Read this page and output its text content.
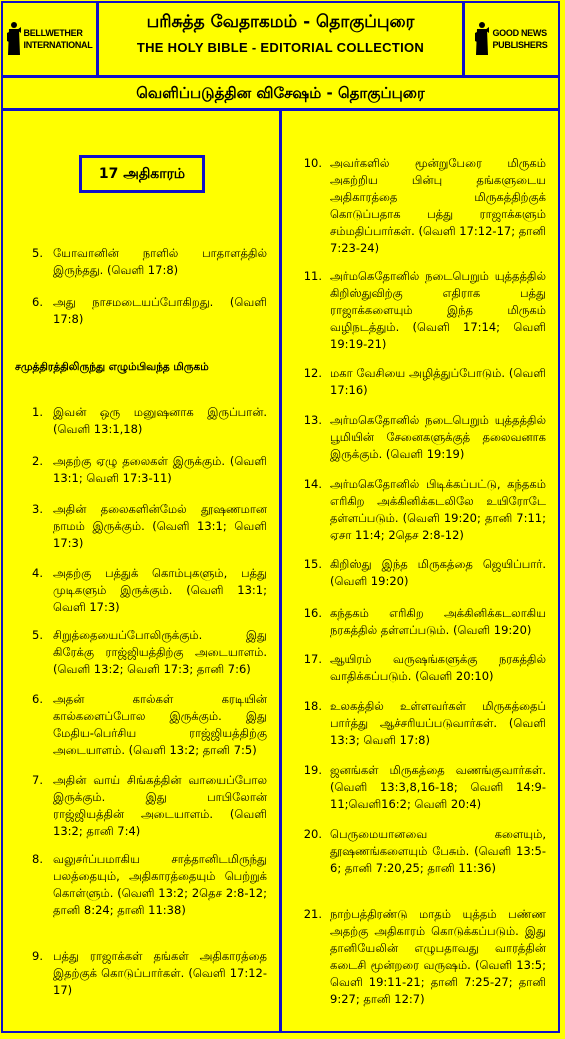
BELLWETHER
INTERNATIONAL
பரிசுத்த வேதாகமம் - தொகுப்புரை
THE HOLY BIBLE - EDITORIAL COLLECTION
GOOD NEWS
PUBLISHERS
வெளிப்படுத்தின விசேஷம் - தொகுப்புரை
17 அதிகாரம்
5. யோவானின் நாளில் பாதாளத்தில் இருந்தது. (வெளி 17:8)
6. அது நாசமடையப்போகிறது. (வெளி 17:8)
சமுத்திரத்திலிருந்து எழும்பிவந்த மிருகம்
1. இவன் ஒரு மனுஷனாக இருப்பான். (வெளி 13:1,18)
2. அதற்கு ஏழு தலைகள் இருக்கும். (வெளி 13:1; வெளி 17:3-11)
3. அதின் தலைகளின்மேல் தூஷணமான நாமம் இருக்கும். (வெளி 13:1; வெளி 17:3)
4. அதற்கு பத்துக் கொம்புகளும், பத்து முடிகளும் இருக்கும். (வெளி 13:1; வெளி 17:3)
5. சிறுத்தையைப்போலிருக்கும். இது கிரேக்கு ராஜ்ஜியத்திற்கு அடையாளம். (வெளி 13:2; வெளி 17:3; தானி 7:6)
6. அதன் கால்கள் கரடியின் கால்களைப்போல இருக்கும். இது மேதிய-பெர்சிய ராஜ்ஜியத்திற்கு அடையாளம். (வெளி 13:2; தானி 7:5)
7. அதின் வாய் சிங்கத்தின் வாயைப்போல இருக்கும். இது பாபிலோன் ராஜ்ஜியத்தின் அடையாளம். (வெளி 13:2; தானி 7:4)
8. வலுசர்ப்பமாகிய சாத்தானிடமிருந்து பலத்தையும், அதிகாரத்தையும் பெற்றுக் கொள்ளும். (வெளி 13:2; 2தெச 2:8-12; தானி 8:24; தானி 11:38)
9. பத்து ராஜாக்கள் தங்கள் அதிகாரத்தை இதற்குக் கொடுப்பார்கள். (வெளி 17:12-17)
10. அவர்களில் மூன்றுபேரை மிருகம் அகற்றிய பின்பு தங்களுடைய அதிகாரத்தை மிருகத்திற்குக் கொடுப்பதாக பத்து ராஜாக்களும் சம்மதிப்பார்கள். (வெளி 17:12-17; தானி 7:23-24)
11. அர்மகெதோனில் நடைபெறும் யுத்தத்தில் கிறிஸ்துவிற்கு எதிராக பத்து ராஜாக்களையும் இந்த மிருகம் வழிநடத்தும். (வெளி 17:14; வெளி 19:19-21)
12. மகா வேசியை அழித்துப்போடும். (வெளி 17:16)
13. அர்மகெதோனில் நடைபெறும் யுத்தத்தில் பூமியின் சேனைகளுக்குத் தலைவனாக இருக்கும். (வெளி 19:19)
14. அர்மகெதோனில் பிடிக்கப்பட்டு, கந்தகம் எரிகிற அக்கினிக்கடலிலே உயிரோடே தள்ளப்படும். (வெளி 19:20; தானி 7:11; ஏசா 11:4; 2தெச 2:8-12)
15. கிறிஸ்து இந்த மிருகத்தை ஜெயிப்பார். (வெளி 19:20)
16. கந்தகம் எரிகிற அக்கினிக்கடலாகிய நரகத்தில் தள்ளப்படும். (வெளி 19:20)
17. ஆயிரம் வருஷங்களுக்கு நரகத்தில் வாதிக்கப்படும். (வெளி 20:10)
18. உலகத்தில் உள்ளவர்கள் மிருகத்தைப் பார்த்து ஆச்சரியப்படுவார்கள். (வெளி 13:3; வெளி 17:8)
19. ஜனங்கள் மிருகத்தை வணங்குவார்கள். (வெளி 13:3,8,16-18; வெளி 14:9-11;வெளி16:2; வெளி 20:4)
20. பெருமையானவை களையும், தூஷணங்களையும் பேசும். (வெளி 13:5-6; தானி 7:20,25; தானி 11:36)
21. நாற்பத்திரண்டு மாதம் யுத்தம் பண்ண அதற்கு அதிகாரம் கொடுக்கப்படும். இது தானியேலின் எழுபதாவது வாரத்தின் கடைசி மூன்றரை வருஷம். (வெளி 13:5; வெளி 19:11-21; தானி 7:25-27; தானி 9:27; தானி 12:7)
